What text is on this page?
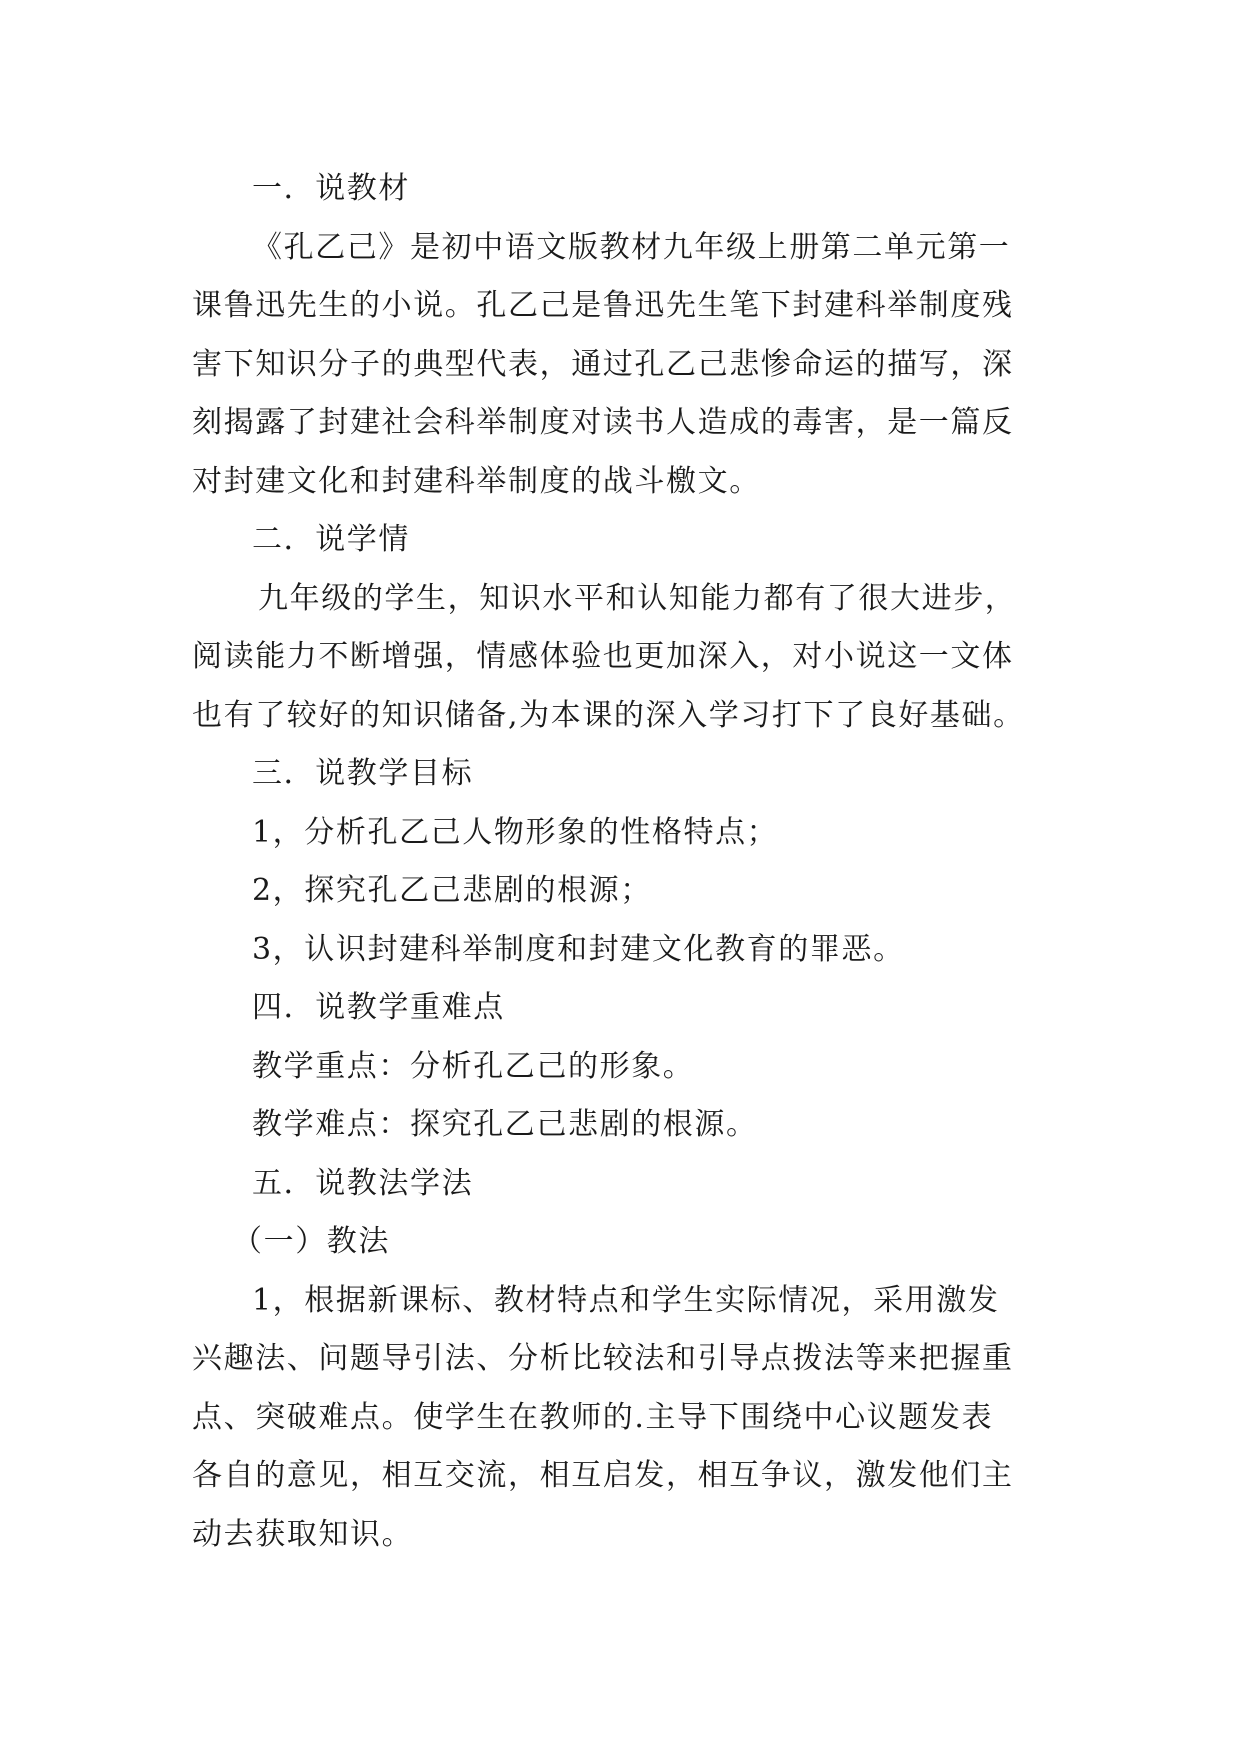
一．说教材
《孔乙己》是初中语文版教材九年级上册第二单元第一
课鲁迅先生的小说。孔乙己是鲁迅先生笔下封建科举制度残
害下知识分子的典型代表，通过孔乙己悲惨命运的描写，深
刻揭露了封建社会科举制度对读书人造成的毒害，是一篇反
对封建文化和封建科举制度的战斗檄文。
二．说学情
九年级的学生，知识水平和认知能力都有了很大进步，
阅读能力不断增强，情感体验也更加深入，对小说这一文体
也有了较好的知识储备,为本课的深入学习打下了良好基础。
三．说教学目标
1，分析孔乙己人物形象的性格特点；
2，探究孔乙己悲剧的根源；
3，认识封建科举制度和封建文化教育的罪恶。
四．说教学重难点
教学重点：分析孔乙己的形象。
教学难点：探究孔乙己悲剧的根源。
五．说教法学法
（一）教法
1，根据新课标、教材特点和学生实际情况，采用激发
兴趣法、问题导引法、分析比较法和引导点拨法等来把握重
点、突破难点。使学生在教师的.主导下围绕中心议题发表
各自的意见，相互交流，相互启发，相互争议，激发他们主
动去获取知识。
